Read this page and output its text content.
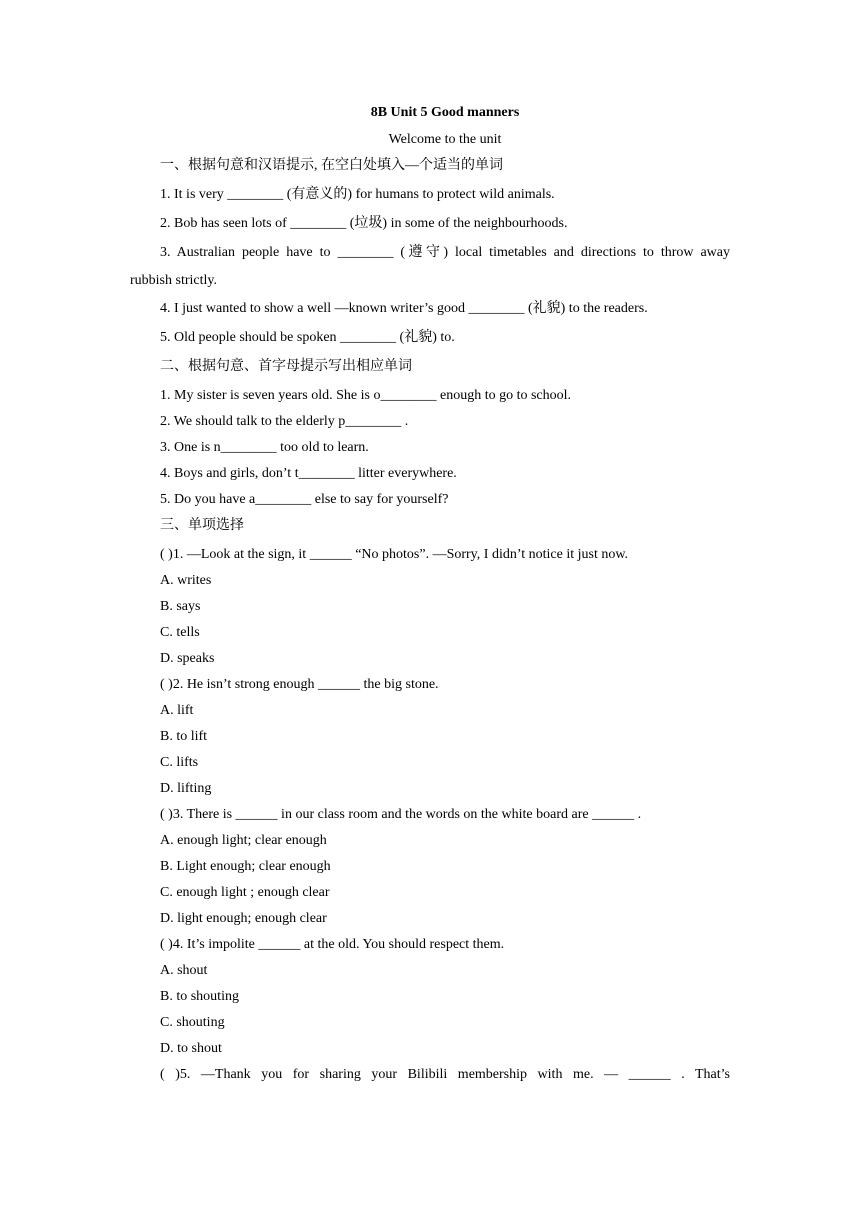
8B Unit 5 Good manners
Welcome to the unit
一、根据句意和汉语提示, 在空白处填入—个适当的单词
1. It is very ________ (有意义的) for humans to protect wild animals.
2. Bob has seen lots of ________ (垃圾) in some of the neighbourhoods.
3. Australian people have to ________ (遵守) local timetables and directions to throw away
rubbish strictly.
4. I just wanted to show a well —known writer’s good ________ (礼貌) to the readers.
5. Old people should be spoken ________ (礼貌) to.
二、根据句意、首字母提示写出相应单词
1. My sister is seven years old. She is o________ enough to go to school.
2. We should talk to the elderly p________ .
3. One is n________ too old to learn.
4. Boys and girls, don’t t________ litter everywhere.
5. Do you have a________ else to say for yourself?
三、单项选择
( )1. —Look at the sign, it ______ “No photos”. —Sorry, I didn’t notice it just now.
A. writes
B. says
C. tells
D. speaks
( )2. He isn’t strong enough ______ the big stone.
A. lift
B. to lift
C. lifts
D. lifting
( )3. There is ______ in our class room and the words on the white board are ______ .
A. enough light; clear enough
B. Light enough; clear enough
C. enough light ; enough clear
D. light enough; enough clear
( )4. It’s impolite ______ at the old. You should respect them.
A. shout
B. to shouting
C. shouting
D. to shout
( )5. —Thank you for sharing your Bilibili membership with me. — ______ . That’s
